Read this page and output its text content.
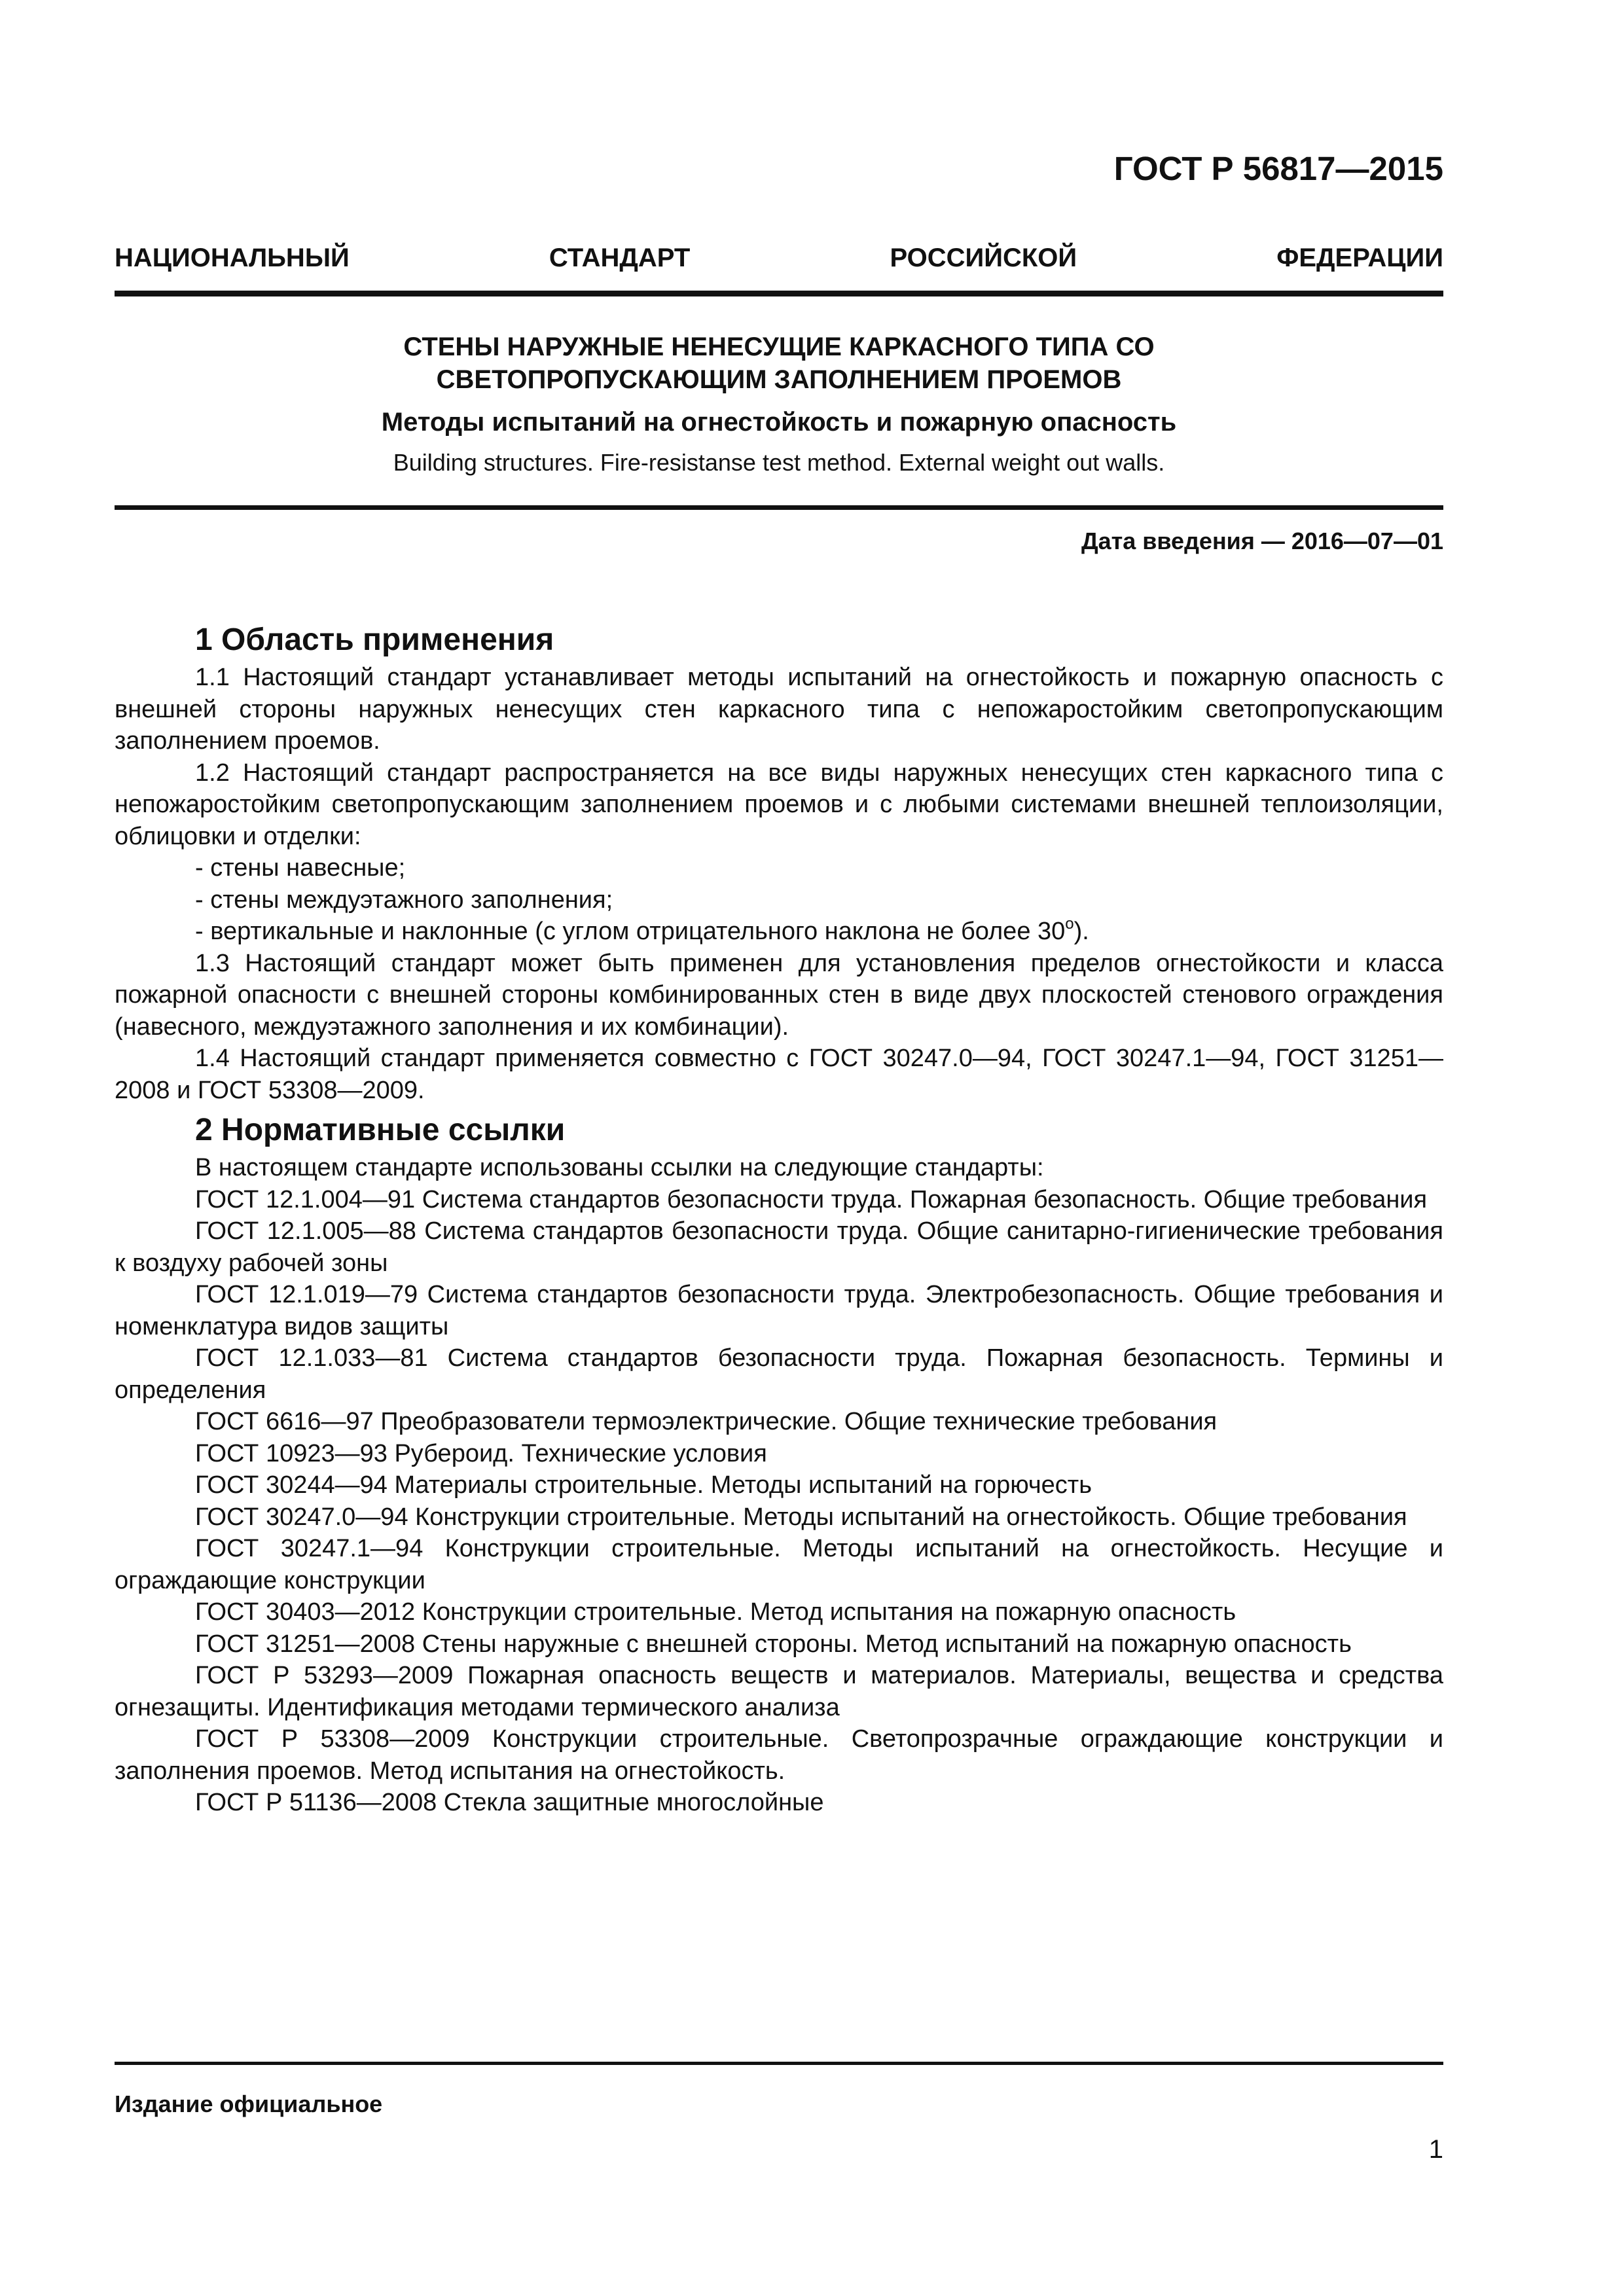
ГОСТ Р 56817—2015
НАЦИОНАЛЬНЫЙ СТАНДАРТ РОССИЙСКОЙ ФЕДЕРАЦИИ
СТЕНЫ НАРУЖНЫЕ НЕНЕСУЩИЕ КАРКАСНОГО ТИПА СО
СВЕТОПРОПУСКАЮЩИМ ЗАПОЛНЕНИЕМ ПРОЕМОВ
Методы испытаний на огнестойкость и пожарную опасность
Building structures. Fire-resistanse test method. External weight out walls.
Дата введения — 2016—07—01
1 Область применения

1.1 Настоящий стандарт устанавливает методы испытаний на огнестойкость и пожарную опасность с внешней стороны наружных ненесущих стен каркасного типа с непожаростойким светопропускающим заполнением проемов.

1.2 Настоящий стандарт распространяется на все виды наружных ненесущих стен каркасного типа с непожаростойким светопропускающим заполнением проемов и с любыми системами внешней теплоизоляции, облицовки и отделки:

- стены навесные;
- стены междуэтажного заполнения;
- вертикальные и наклонные (с углом отрицательного наклона не более $30^о$).

1.3 Настоящий стандарт может быть применен для установления пределов огнестойкости и класса пожарной опасности с внешней стороны комбинированных стен в виде двух плоскостей стенового ограждения (навесного, междуэтажного заполнения и их комбинации).

1.4 Настоящий стандарт применяется совместно с ГОСТ 30247.0—94, ГОСТ 30247.1—94, ГОСТ 31251—2008 и ГОСТ 53308—2009.

2 Нормативные ссылки

В настоящем стандарте использованы ссылки на следующие стандарты:

ГОСТ 12.1.004—91 Система стандартов безопасности труда. Пожарная безопасность. Общие требования

ГОСТ 12.1.005—88 Система стандартов безопасности труда. Общие санитарно-гигиенические требования к воздуху рабочей зоны

ГОСТ 12.1.019—79 Система стандартов безопасности труда. Электробезопасность. Общие требования и номенклатура видов защиты

ГОСТ 12.1.033—81 Система стандартов безопасности труда. Пожарная безопасность. Термины и определения

ГОСТ 6616—97 Преобразователи термоэлектрические. Общие технические требования

ГОСТ 10923—93 Рубероид. Технические условия

ГОСТ 30244—94 Материалы строительные. Методы испытаний на горючесть

ГОСТ 30247.0—94 Конструкции строительные. Методы испытаний на огнестойкость. Общие требования

ГОСТ 30247.1—94 Конструкции строительные. Методы испытаний на огнестойкость. Несущие и ограждающие конструкции

ГОСТ 30403—2012 Конструкции строительные. Метод испытания на пожарную опасность

ГОСТ 31251—2008 Стены наружные с внешней стороны. Метод испытаний на пожарную опасность

ГОСТ Р 53293—2009 Пожарная опасность веществ и материалов. Материалы, вещества и средства огнезащиты. Идентификация методами термического анализа

ГОСТ Р 53308—2009 Конструкции строительные. Светопрозрачные ограждающие конструкции и заполнения проемов. Метод испытания на огнестойкость.

ГОСТ Р 51136—2008 Стекла защитные многослойные

Издание официальное
1
